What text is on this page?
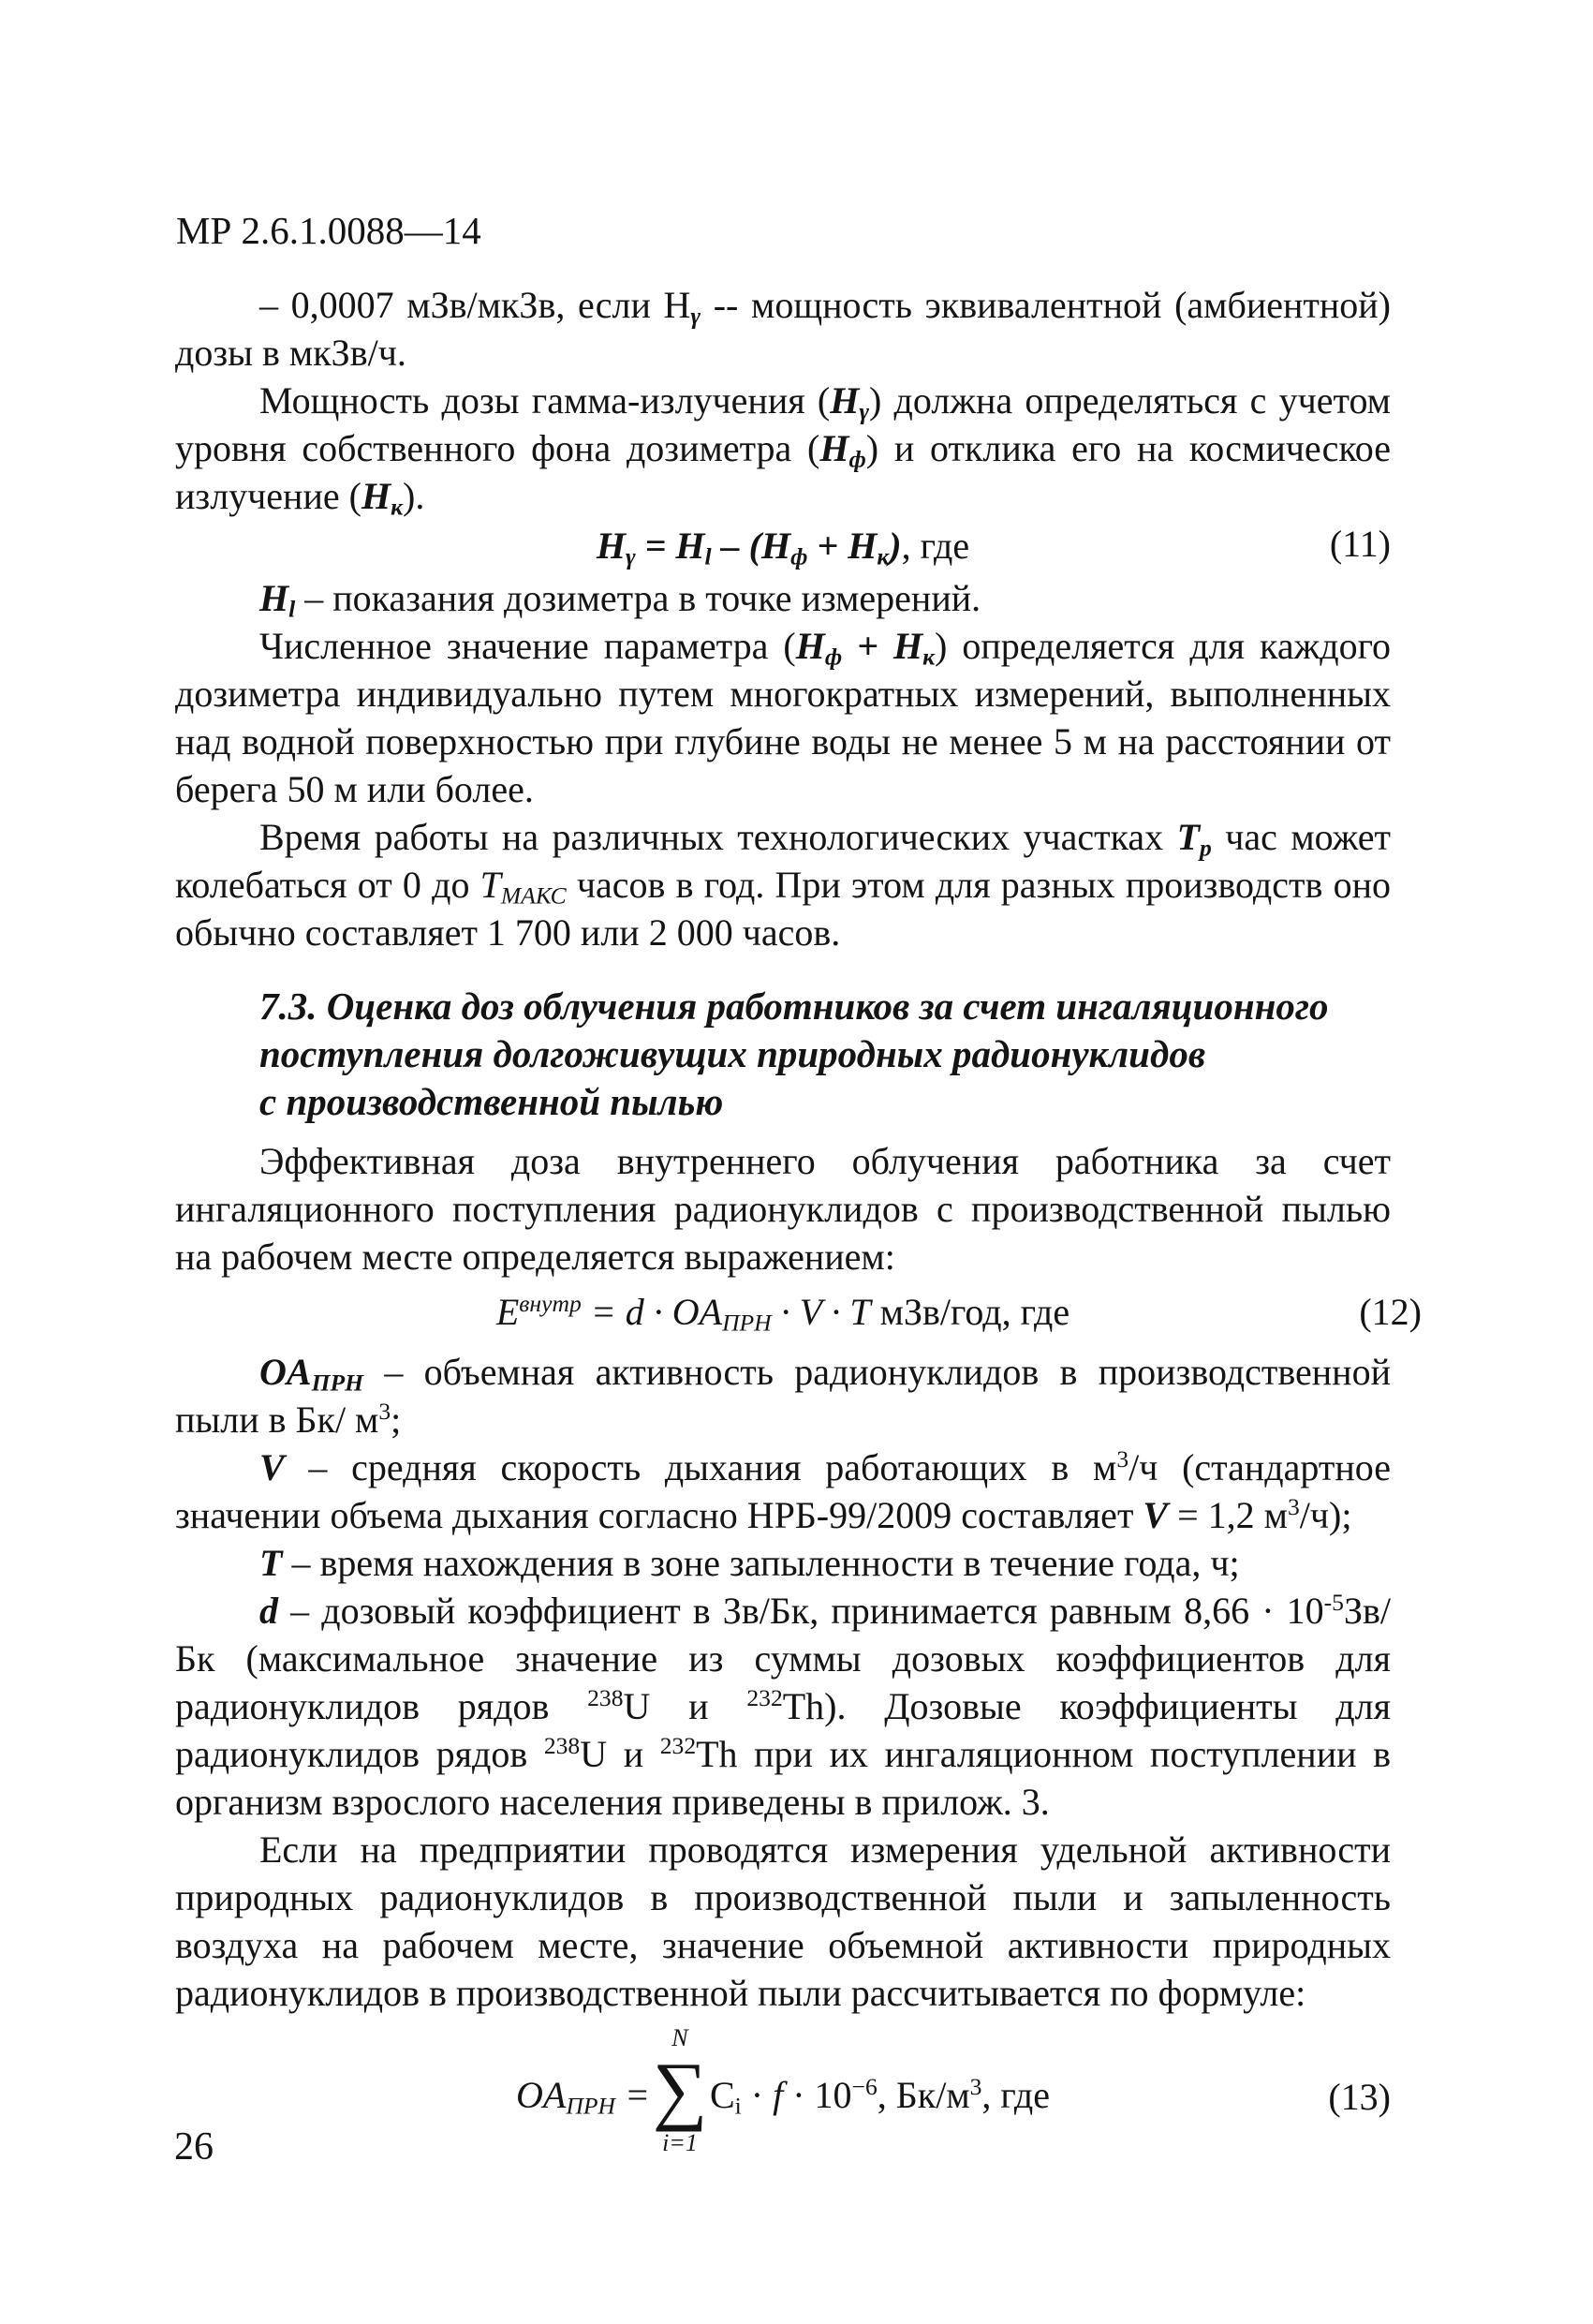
МР 2.6.1.0088—14

– 0,0007 мЗв/мкЗв, если $H_\gamma$ -- мощность эквивалентной (амбиентной) дозы в мкЗв/ч.

Мощность дозы гамма-излучения $(H_\gamma)$ должна определяться с учетом уровня собственного фона дозиметра $(H_ф)$ и отклика его на космическое излучение $(H_к)$.

$H_\gamma = H_l - (H_ф + H_к)$, где	(11)

$H_l$ – показания дозиметра в точке измерений.

Численное значение параметра $(H_ф + H_к)$ определяется для каждого дозиметра индивидуально путем многократных измерений, выполненных над водной поверхностью при глубине воды не менее 5 м на расстоянии от берега 50 м или более.

Время работы на различных технологических участках $T_p$ час может колебаться от 0 до $T_{МАКС}$ часов в год. При этом для разных производств оно обычно составляет 1 700 или 2 000 часов.

7.3. Оценка доз облучения работников за счет ингаляционного

поступления долгоживущих природных радионуклидов

с производственной пылью

Эффективная доза внутреннего облучения работника за счет ингаляционного поступления радионуклидов с производственной пылью на рабочем месте определяется выражением:

$E^{внутр} = d \cdot OA_{ПРН} \cdot V \cdot T$ мЗв/год, где	(12)

$OA_{ПРН}$ – объемная активность радионуклидов в производственной пыли в Бк/ $м^3$;

V – средняя скорость дыхания работающих в $м^3/ч$ (стандартное значении объема дыхания согласно НРБ-99/2009 составляет V = 1,2 $м^3/ч$);

T – время нахождения в зоне запыленности в течение года, ч;

d – дозовый коэффициент в Зв/Бк, принимается равным $8,66 \cdot 10^{-5}Зв/Бк$ (максимальное значение из суммы дозовых коэффициентов для радионуклидов рядов $^{238}$U и $^{232}$Th). Дозовые коэффициенты для радионуклидов рядов $^{238}$U и $^{232}$Th при их ингаляционном поступлении в организм взрослого населения приведены в прилож. 3.

Если на предприятии проводятся измерения удельной активности природных радионуклидов в производственной пыли и запыленность воздуха на рабочем месте, значение объемной активности природных радионуклидов в производственной пыли рассчитывается по формуле:

$OA_{ПРН}$ =
N
∑
i=1
$C_i \cdot f \cdot 10^{-6}$, $Бк/м^3$, где	(13)
26
